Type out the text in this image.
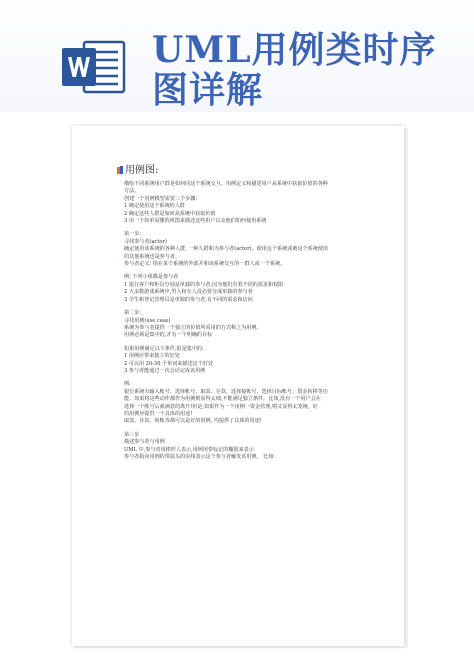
UML用例类时序图详解
·····
用例图:
描绘不同系统用户群是如何同这个系统交互。用例定义和描述用户从系统中获取价值的各种
方法。
创建一个用例模型需要三个步骤:
1 确定使用这个系统的人群
2 确定这些人群是如何从系统中获取价值
3 用一个简单易懂的视图来描述这些用户以及他们如何使用系统
第一步:
寻找参与者(actor)
确定使用该系统的各种人群, 一种人群和为参与者(actor)。使用这个系统或被这个系统使用
的其他系统也是参与者。
参与者定义: 指在某个系统的外部并和该系统交互的一群人或一个系统。
例: 下列小组都是参与者
1 银行客户和柜员分别是单独的参与者,因为他们有着不同的需求和权限
2 大多数游戏系统中,男人和女人没必要分成单独的参与者
3 学生和登记管理员是单独的参与者,有不同的需求和访问
第二步:
寻找用例(use case)
系统为参与者提供一个独立的价值所采用的方式称之为用例。
用例必须是集中的,并有一个明确的目标
如果用例满足以下条件,很是集中的:
1 用例应带来独立的好处
2 可以用 20-30 个单词来描述这个好处
3 参与者能通过一次会话完成该用例
例:
银行系统有输入帐号、选择帐号、取款、存款、选择接帐号、选择目标帐号、资金转移等功
能。如果将这些动作都作为用例则显得太细,不能满足独立条件。比如,没有一个用户会在
选择一个帐号后就满意的离开!但是,如果作为一个用例一资金管理,则又显得太笼统。好
的用例应提供一个具体的用途!
取款、存款、转帐等都可以是好的用例, 均提供了具体的用途!
第三步
描述参与者与用例
UML 中,参与者用棒形人表示,用例用带标记的椭圆来表示
参与者指向用例的带箭头的实线表示这个参与者触发该用例。 比如:
